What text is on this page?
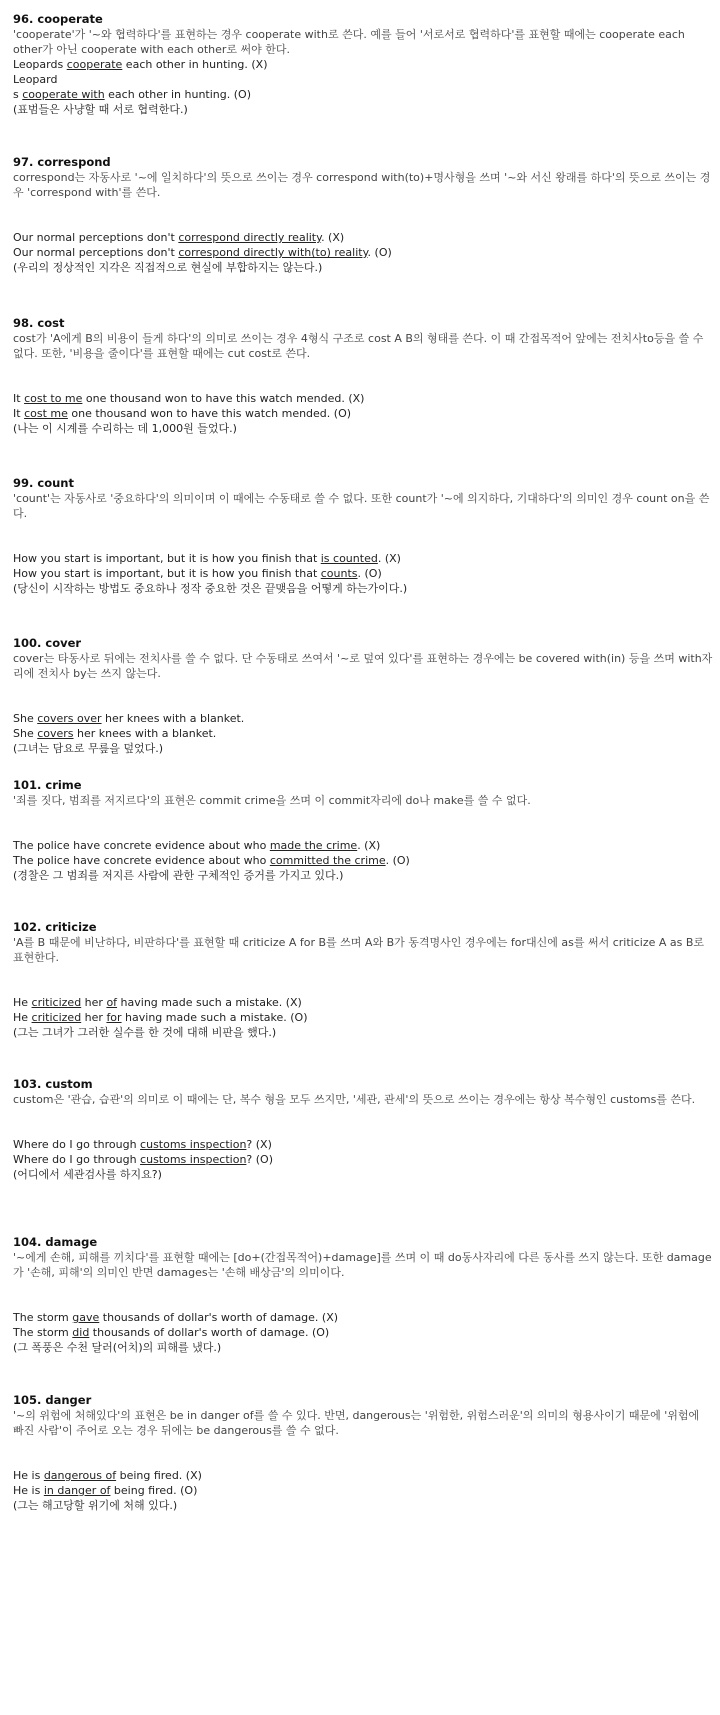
96. cooperate
'cooperate'가 '~와 협력하다'를 표현하는 경우 cooperate with로 쓴다. 예를 들어 '서로서로 협력하다'를 표현할 때에는 cooperate each other가 아닌 cooperate with each other로 써야 한다.
Leopards cooperate each other in hunting. (X)
Leopard
s cooperate with each other in hunting. (O)
(표범들은 사냥할 때 서로 협력한다.)
97. correspond
correspond는 자동사로 '~에 일치하다'의 뜻으로 쓰이는 경우 correspond with(to)+명사형을 쓰며 '~와 서신 왕래를 하다'의 뜻으로 쓰이는 경우 'correspond with'를 쓴다.
Our normal perceptions don't correspond directly reality. (X)
Our normal perceptions don't correspond directly with(to) reality. (O)
(우리의 정상적인 지각은 직접적으로 현실에 부합하지는 않는다.)
98. cost
cost가 'A에게 B의 비용이 들게 하다'의 의미로 쓰이는 경우 4형식 구조로 cost A B의 형태를 쓴다. 이 때 간접목적어 앞에는 전치사to등을 쓸 수 없다. 또한, '비용을 줄이다'를 표현할 때에는 cut cost로 쓴다.
It cost to me one thousand won to have this watch mended. (X)
It cost me one thousand won to have this watch mended. (O)
(나는 이 시계를 수리하는 데 1,000원 들었다.)
99. count
'count'는 자동사로 '중요하다'의 의미이며 이 때에는 수동태로 쓸 수 없다. 또한 count가 '~에 의지하다, 기대하다'의 의미인 경우 count on을 쓴다.
How you start is important, but it is how you finish that is counted. (X)
How you start is important, but it is how you finish that counts. (O)
(당신이 시작하는 방법도 중요하나 정작 중요한 것은 끝맺음을 어떻게 하는가이다.)
100. cover
cover는 타동사로 뒤에는 전치사를 쓸 수 없다. 단 수동태로 쓰여서 '~로 덮여 있다'를 표현하는 경우에는 be covered with(in) 등을 쓰며 with자리에 전치사 by는 쓰지 않는다.
She covers over her knees with a blanket.
She covers her knees with a blanket.
(그녀는 담요로 무릎을 덮었다.)
101. crime
'죄를 짓다, 범죄를 저지르다'의 표현은 commit crime을 쓰며 이 commit자리에 do나 make를 쓸 수 없다.
The police have concrete evidence about who made the crime. (X)
The police have concrete evidence about who committed the crime. (O)
(경찰은 그 범죄를 저지른 사람에 관한 구체적인 증거를 가지고 있다.)
102. criticize
'A를 B 때문에 비난하다, 비판하다'를 표현할 때 criticize A for B를 쓰며 A와 B가 동격명사인 경우에는 for대신에 as를 써서 criticize A as B로 표현한다.
He criticized her of having made such a mistake. (X)
He criticized her for having made such a mistake. (O)
(그는 그녀가 그러한 실수를 한 것에 대해 비판을 했다.)
103. custom
custom은 '관습, 습관'의 의미로 이 때에는 단, 복수 형을 모두 쓰지만, '세관, 관세'의 뜻으로 쓰이는 경우에는 항상 복수형인 customs를 쓴다.
Where do I go through customs inspection? (X)
Where do I go through customs inspection? (O)
(어디에서 세관검사를 하지요?)
104. damage
'~에게 손해, 피해를 끼치다'를 표현할 때에는 [do+(간접목적어)+damage]를 쓰며 이 때 do동사자리에 다른 동사를 쓰지 않는다. 또한 damage가 '손해, 피해'의 의미인 반면 damages는 '손해 배상금'의 의미이다.
The storm gave thousands of dollar's worth of damage. (X)
The storm did thousands of dollar's worth of damage. (O)
(그 폭풍은 수천 달러(어치)의 피해를 냈다.)
105. danger
'~의 위험에 처해있다'의 표현은 be in danger of를 쓸 수 있다. 반면, dangerous는 '위험한, 위험스러운'의 의미의 형용사이기 때문에 '위험에 빠진 사람'이 주어로 오는 경우 뒤에는 be dangerous를 쓸 수 없다.
He is dangerous of being fired. (X)
He is in danger of being fired. (O)
(그는 해고당할 위기에 처해 있다.)
